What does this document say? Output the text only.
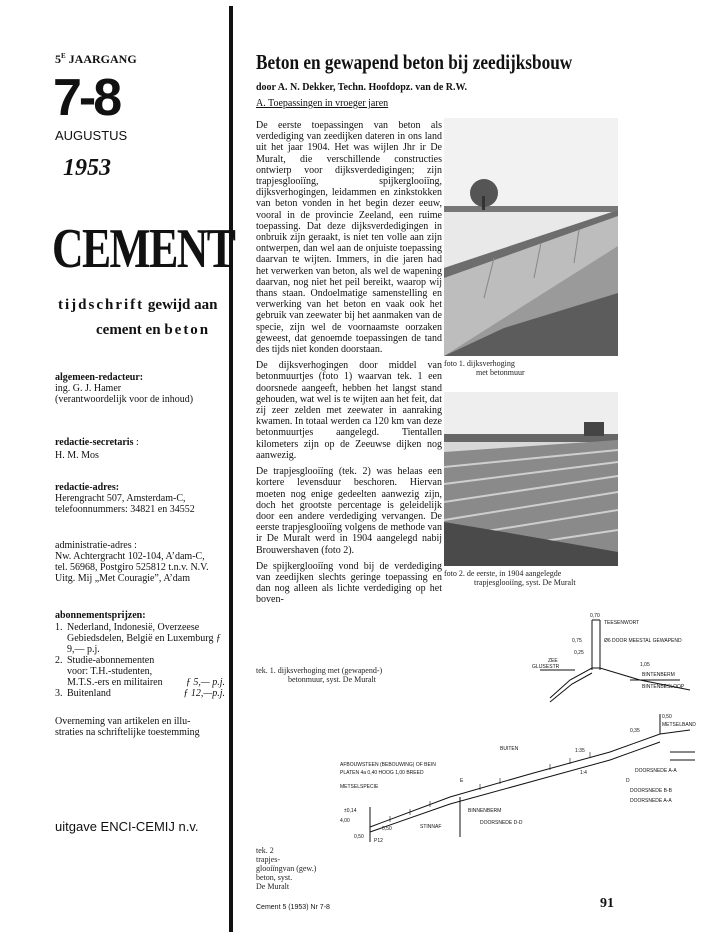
$5^E$ JAARGANG
7-8
AUGUSTUS
1953
CEMENT
tijdschrift gewijd aan
cement en beton
algemeen-redacteur:
ing. G. J. Hamer
(verantwoordelijk voor de inhoud)
redactie-secretaris :
H. M. Mos
redactie-adres:
Herengracht 507, Amsterdam-C,
telefoonnummers: 34821 en 34552
administratie-adres :
Nw. Achtergracht 102-104, A’dam-C,
tel. 56968, Postgiro 525812 t.n.v. N.V.
Uitg. Mij „Met Couragie”, A’dam
abonnementsprijzen:
1. Nederland, Indonesië, Overzeese Gebiedsdelen, België en Luxemburg ƒ 9,— p.j.
2. Studie-abonnementen voor: T.H.-studenten, M.T.S.-ers en militairen	ƒ 5,— p.j.
3. Buitenland	ƒ 12,—p.j.
Overneming van artikelen en illu-
straties na schriftelijke toestemming
uitgave ENCI-CEMIJ n.v.
Beton en gewapend beton bij zeedijksbouw
door A. N. Dekker, Techn. Hoofdopz. van de R.W.
A. Toepassingen in vroeger jaren

De eerste toepassingen van beton als verdediging van zeedijken dateren in ons land uit het jaar 1904. Het was wijlen Jhr ir De Muralt, die verschillende constructies ontwierp voor dijksverdedigingen; zijn trapjesglooiïng, spijkerglooiïng, dijksverhogingen, leidammen en zinkstokken van beton vonden in het begin dezer eeuw, vooral in de provincie Zeeland, een ruime toepassing. Dat deze dijksverdedigingen in onbruik zijn geraakt, is niet ten volle aan zijn ontwerpen, dan wel aan de onjuiste toepassing daarvan te wijten. Immers, in die jaren had het verwerken van beton, als wel de wapening daarvan, nog niet het peil bereikt, waarop wij thans staan. Ondoelmatige samenstelling en verwerking van het beton en vaak ook het gebruik van zeewater bij het aanmaken van de specie, zijn wel de voornaamste oorzaken geweest, dat genoemde toepassingen de tand des tijds niet konden doorstaan.

De dijksverhogingen door middel van betonmuurtjes (foto 1) waarvan tek. 1 een doorsnede aangeeft, hebben het langst stand gehouden, wat wel is te wijten aan het feit, dat zij zeer zelden met zeewater in aanraking kwamen. In totaal werden ca 120 km van deze betonmuurtjes aangelegd. Tientallen kilometers zijn op de Zeeuwse dijken nog aanwezig.

De trapjesglooiïng (tek. 2) was helaas een kortere levensduur beschoren. Hiervan moeten nog enige gedeelten aanwezig zijn, doch het grootste percentage is geleidelijk door een andere verdediging vervangen. De eerste trapjesglooiïng volgens de methode van ir De Muralt werd in 1904 aangelegd nabij Brouwershaven (foto 2).

De spijkerglooiïng vond bij de verdediging van zeedijken slechts geringe toepassing en dan nog alleen als lichte verdediging op het boven-

foto 1. dijksverhoging
met betonmuur
foto 2. de eerste, in 1904 aangelegde
trapjesglooiïng, syst. De Muralt
0,70
TEESENWORT
0,75	Ø6 DOOR MEESTAL GEWAPEND
0,25
ZEE
GLIJSESTR	1,05
BINTENBERM
BINTENBESLOOP
tek. 1. dijksverhoging met (gewapend-)
betonmuur, syst. De Muralt
0,50
METSELBAND
0,35
BUITEN	1:35
AFBOUWSTEEN (BEBOUWING) OF BEIN
PLATEN 4a 0,40 HOOG 1,00 BREED
METSELSPECIE
1:4	DOORSNEDE A-A
D
E
DOORSNEDE B-B
BINNENBERM
DOORSNEDE A-A
±0,14
DOORSNEDE D-D
4,00
0,50	STINNAF
0,50
P12
tek. 2
trapjes-
glooiïngvan (gew.)
beton, syst.
De Muralt
Cement 5 (1953) Nr 7-8	91
